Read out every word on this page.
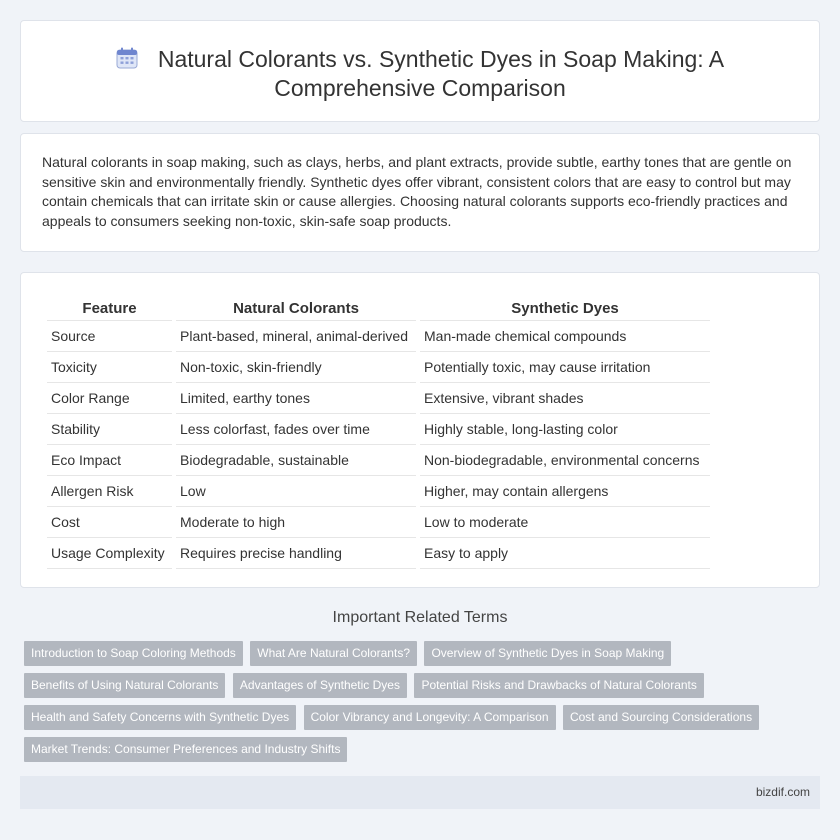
Natural Colorants vs. Synthetic Dyes in Soap Making: A Comprehensive Comparison

Natural colorants in soap making, such as clays, herbs, and plant extracts, provide subtle, earthy tones that are gentle on sensitive skin and environmentally friendly. Synthetic dyes offer vibrant, consistent colors that are easy to control but may contain chemicals that can irritate skin or cause allergies. Choosing natural colorants supports eco-friendly practices and appeals to consumers seeking non-toxic, skin-safe soap products.

Feature	Natural Colorants	Synthetic Dyes
Source	Plant-based, mineral, animal-derived	Man-made chemical compounds
Toxicity	Non-toxic, skin-friendly	Potentially toxic, may cause irritation
Color Range	Limited, earthy tones	Extensive, vibrant shades
Stability	Less colorfast, fades over time	Highly stable, long-lasting color
Eco Impact	Biodegradable, sustainable	Non-biodegradable, environmental concerns
Allergen Risk	Low	Higher, may contain allergens
Cost	Moderate to high	Low to moderate
Usage Complexity	Requires precise handling	Easy to apply
Important Related Terms
Introduction to Soap Coloring Methods What Are Natural Colorants? Overview of Synthetic Dyes in Soap Making Benefits of Using Natural Colorants Advantages of Synthetic Dyes Potential Risks and Drawbacks of Natural Colorants Health and Safety Concerns with Synthetic Dyes Color Vibrancy and Longevity: A Comparison Cost and Sourcing Considerations Market Trends: Consumer Preferences and Industry Shifts
bizdif.com
